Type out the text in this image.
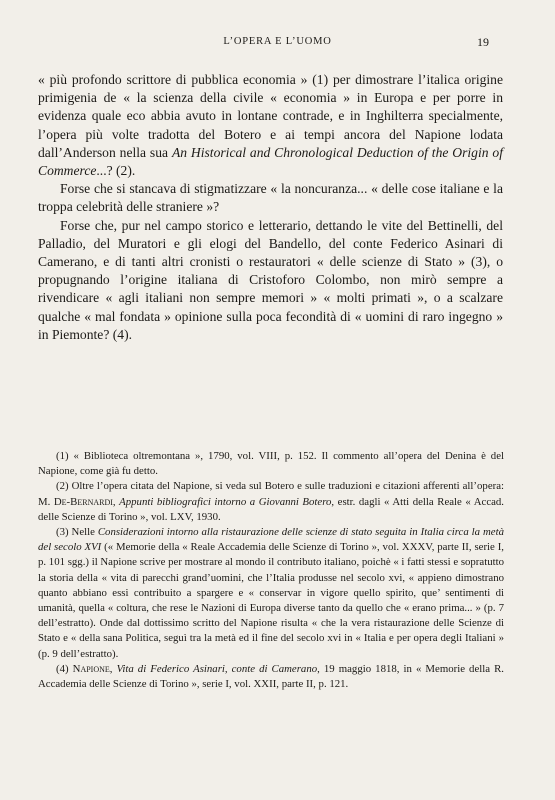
L’OPERA E L’UOMO	19

« più profondo scrittore di pubblica economia » (1) per dimostrare l’italica origine primigenia de « la scienza della civile « economia » in Europa e per porre in evidenza quale eco abbia avuto in lontane contrade, e in Inghilterra specialmente, l’opera più volte tradotta del Botero e ai tempi ancora del Napione lodata dall’Anderson nella sua An Historical and Chronological Deduction of the Origin of Commerce...? (2).

Forse che si stancava di stigmatizzare « la noncuranza... « delle cose italiane e la troppa celebrità delle straniere »?

Forse che, pur nel campo storico e letterario, dettando le vite del Bettinelli, del Palladio, del Muratori e gli elogi del Bandello, del conte Federico Asinari di Camerano, e di tanti altri cronisti o restauratori « delle scienze di Stato » (3), o propugnando l’origine italiana di Cristoforo Colombo, non mirò sempre a rivendicare « agli italiani non sempre memori » « molti primati », o a scalzare qualche « mal fondata » opinione sulla poca fecondità di « uomini di raro ingegno » in Piemonte? (4).

(1) « Biblioteca oltremontana », 1790, vol. VIII, p. 152. Il commento all’opera del Denina è del Napione, come già fu detto.

(2) Oltre l’opera citata del Napione, si veda sul Botero e sulle traduzioni e citazioni afferenti all’opera: M. De-Bernardi, Appunti bibliografici intorno a Giovanni Botero, estr. dagli « Atti della Reale « Accad. delle Scienze di Torino », vol. LXV, 1930.

(3) Nelle Considerazioni intorno alla ristaurazione delle scienze di stato seguita in Italia circa la metà del secolo XVI (« Memorie della « Reale Accademia delle Scienze di Torino », vol. XXXV, parte II, serie I, p. 101 sgg.) il Napione scrive per mostrare al mondo il contributo italiano, poichè « i fatti stessi e sopratutto la storia della « vita di parecchi grand’uomini, che l’Italia produsse nel secolo xvi, « appieno dimostrano quanto abbiano essi contribuito a spargere e « conservar in vigore quello spirito, que’ sentimenti di umanità, quella « coltura, che rese le Nazioni di Europa diverse tanto da quello che « erano prima... » (p. 7 dell’estratto). Onde dal dottissimo scritto del Napione risulta « che la vera ristaurazione delle Scienze di Stato e « della sana Politica, seguì tra la metà ed il fine del secolo xvi in « Italia e per opera degli Italiani » (p. 9 dell’estratto).

(4) Napione, Vita di Federico Asinari, conte di Camerano, 19 maggio 1818, in « Memorie della R. Accademia delle Scienze di Torino », serie I, vol. XXII, parte II, p. 121.
